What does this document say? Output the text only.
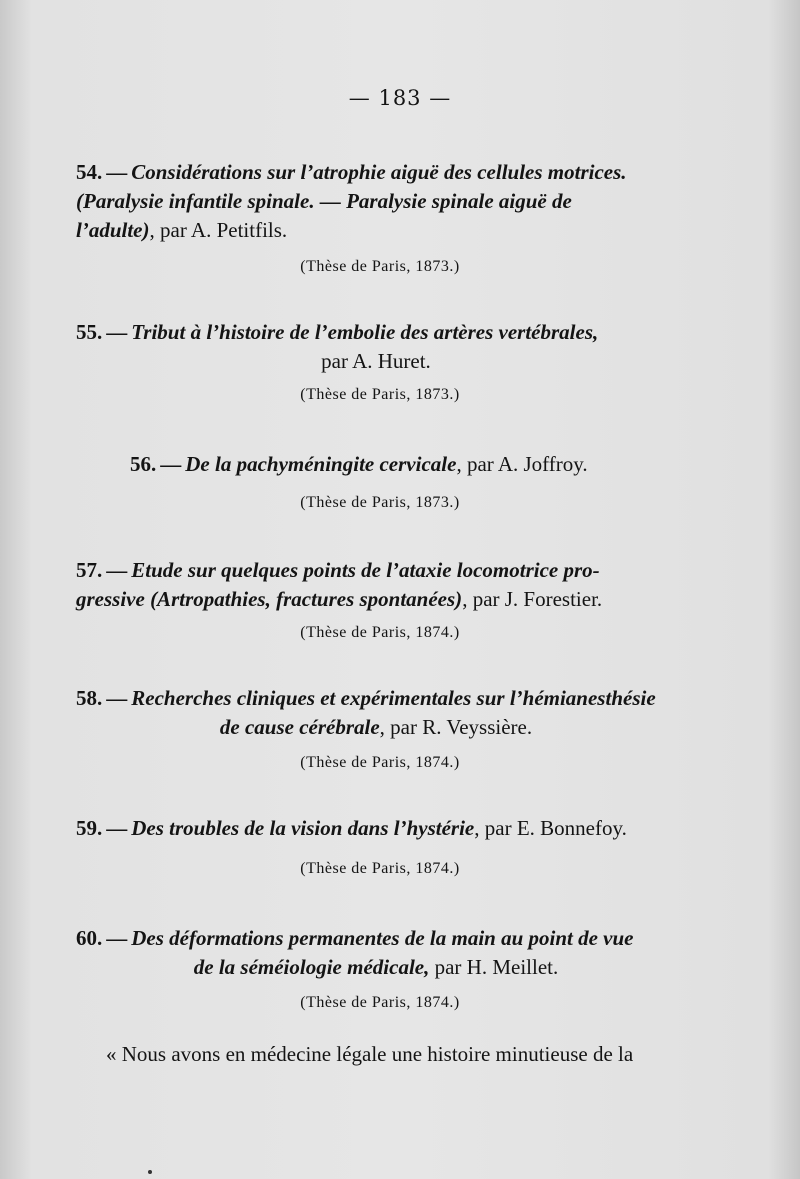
— 183 —
54. — Considérations sur l’atrophie aiguë des cellules motrices.
(Paralysie infantile spinale. — Paralysie spinale aiguë de
l’adulte), par A. Petitfils.
(Thèse de Paris, 1873.)
55. — Tribut à l’histoire de l’embolie des artères vertébrales,
par A. Huret.
(Thèse de Paris, 1873.)
56. — De la pachyméningite cervicale, par A. Joffroy.
(Thèse de Paris, 1873.)
57. — Etude sur quelques points de l’ataxie locomotrice pro-
gressive (Artropathies, fractures spontanées), par J. Forestier.
(Thèse de Paris, 1874.)
58. — Recherches cliniques et expérimentales sur l’hémianesthésie
de cause cérébrale, par R. Veyssière.
(Thèse de Paris, 1874.)
59. — Des troubles de la vision dans l’hystérie, par E. Bonnefoy.
(Thèse de Paris, 1874.)
60. — Des déformations permanentes de la main au point de vue
de la séméiologie médicale, par H. Meillet.
(Thèse de Paris, 1874.)
« Nous avons en médecine légale une histoire minutieuse de la
